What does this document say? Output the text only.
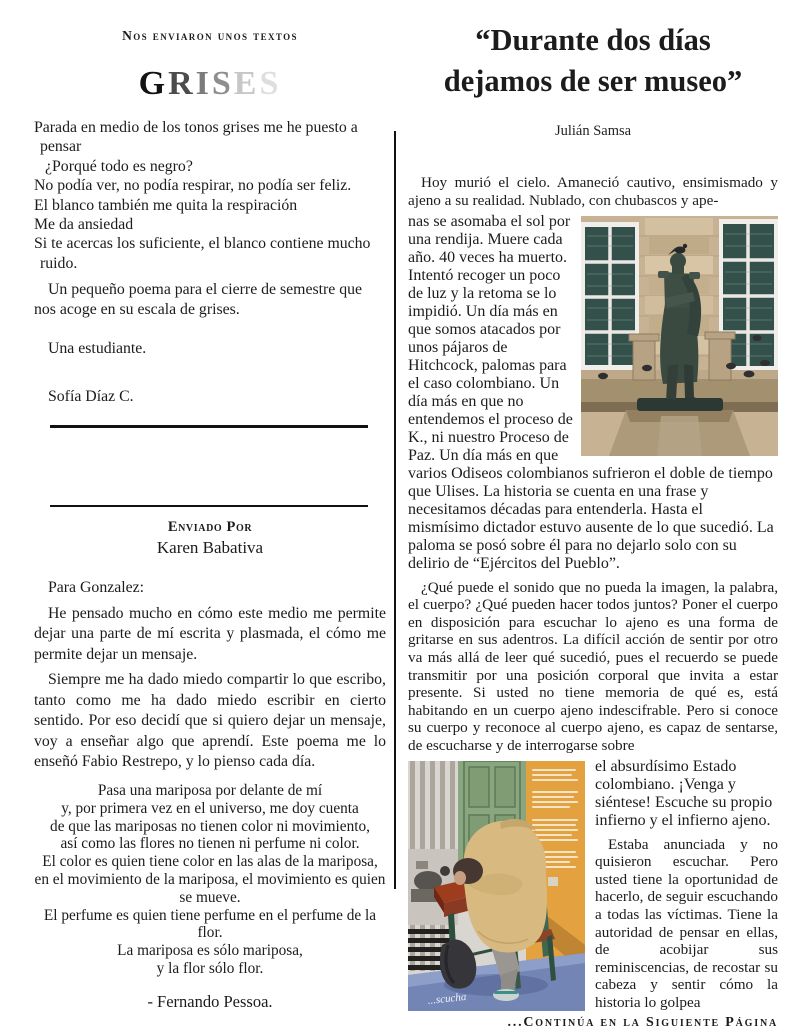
Nos enviaron unos textos
GRISES
Parada en medio de los tonos grises me he puesto a
pensar
¿Porqué todo es negro?
No podía ver, no podía respirar, no podía ser feliz.
El blanco también me quita la respiración
Me da ansiedad
Si te acercas los suficiente, el blanco contiene mucho
ruido.
Un pequeño poema para el cierre de semestre que nos acoge en su escala de grises.
Una estudiante.
Sofía Díaz C.
Enviado Por
Karen Babativa
Para Gonzalez:

He pensado mucho en cómo este medio me permite dejar una parte de mí escrita y plasmada, el cómo me permite dejar un mensaje.

Siempre me ha dado miedo compartir lo que escribo, tanto como me ha dado miedo escribir en cierto sentido. Por eso decidí que si quiero dejar un mensaje, voy a enseñar algo que aprendí. Este poema me lo enseñó Fabio Restrepo, y lo pienso cada día.

Pasa una mariposa por delante de mí
y, por primera vez en el universo, me doy cuenta
de que las mariposas no tienen color ni movimiento,
así como las flores no tienen ni perfume ni color.
El color es quien tiene color en las alas de la mariposa,
en el movimiento de la mariposa, el movimiento es quien se mueve.
El perfume es quien tiene perfume en el perfume de la flor.
La mariposa es sólo mariposa,
y la flor sólo flor.
- Fernando Pessoa.
“Durante dos días
dejamos de ser museo”
Julián Samsa

Hoy murió el cielo. Amaneció cautivo, ensimismado y ajeno a su realidad. Nublado, con chubascos y ape-

nas se asomaba el sol por una rendija. Muere cada año. 40 veces ha muerto. Intentó recoger un poco de luz y la retoma se lo impidió. Un día más en que somos atacados por unos pájaros de Hitchcock, palomas para el caso colombiano. Un día más en que no entendemos el proceso de K., ni nuestro Proceso de Paz. Un día más en que varios Odiseos colombianos sufrieron el doble de tiempo que Ulises. La historia se cuenta en una frase y necesitamos décadas para entenderla. Hasta el mismísimo dictador estuvo ausente de lo que sucedió. La paloma se posó sobre él para no dejarlo solo con su delirio de “Ejércitos del Pueblo”.

¿Qué puede el sonido que no pueda la imagen, la palabra, el cuerpo? ¿Qué pueden hacer todos juntos? Poner el cuerpo en disposición para escuchar lo ajeno es una forma de gritarse en sus adentros. La difícil acción de sentir por otro va más allá de leer qué sucedió, pues el recuerdo se puede transmitir por una posición corporal que invita a estar presente. Si usted no tiene memoria de qué es, está habitando en un cuerpo ajeno indescifrable. Pero si conoce su cuerpo y reconoce al cuerpo ajeno, es capaz de sentarse, de escucharse y de interrogarse sobre

...scucha
el absurdísimo Estado colombiano. ¡Venga y siéntese! Escuche su propio infierno y el infierno ajeno.

Estaba anunciada y no quisieron escuchar. Pero usted tiene la oportunidad de hacerlo, de seguir escuchando a todas las víctimas. Tiene la autoridad de pensar en ellas, de acobijar sus reminiscencias, de recostar su cabeza y sentir cómo la historia lo golpea

...Continúa en la Siguiente Página
